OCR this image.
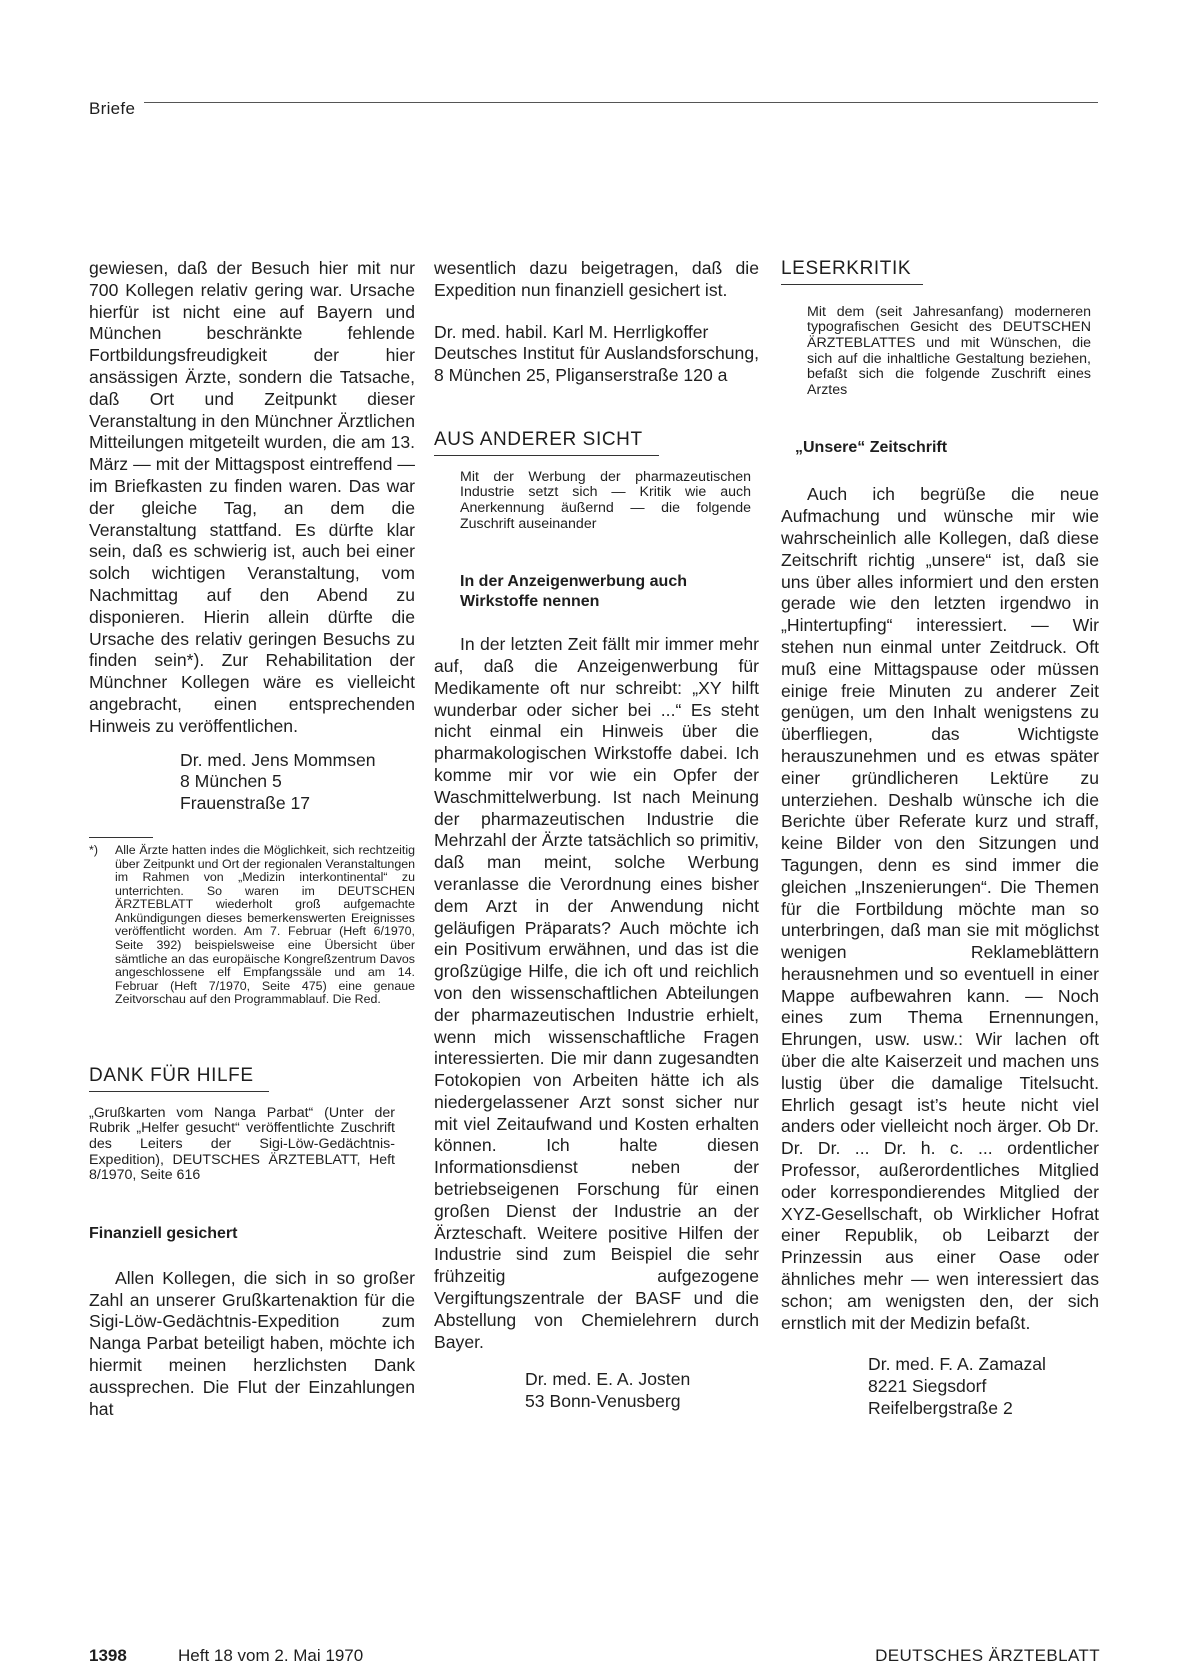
Briefe

gewiesen, daß der Besuch hier mit nur 700 Kollegen relativ gering war. Ursache hierfür ist nicht eine auf Bayern und München beschränkte fehlende Fortbildungsfreudigkeit der hier ansässigen Ärzte, sondern die Tatsache, daß Ort und Zeitpunkt dieser Veranstaltung in den Münchner Ärztlichen Mitteilungen mitgeteilt wurden, die am 13. März — mit der Mittagspost eintreffend — im Briefkasten zu finden waren. Das war der gleiche Tag, an dem die Veranstaltung stattfand. Es dürfte klar sein, daß es schwierig ist, auch bei einer solch wichtigen Veranstaltung, vom Nachmittag auf den Abend zu disponieren. Hierin allein dürfte die Ursache des relativ geringen Besuchs zu finden sein*). Zur Rehabilitation der Münchner Kollegen wäre es vielleicht angebracht, einen entsprechenden Hinweis zu veröffentlichen.

Dr. med. Jens Mommsen
8 München 5
Frauenstraße 17
*)	Alle Ärzte hatten indes die Möglichkeit, sich rechtzeitig über Zeitpunkt und Ort der regionalen Veranstaltungen im Rahmen von „Medizin interkontinental“ zu unterrichten. So waren im DEUTSCHEN ÄRZTEBLATT wiederholt groß aufgemachte Ankündigungen dieses bemerkenswerten Ereignisses veröffentlicht worden. Am 7. Februar (Heft 6/1970, Seite 392) beispielsweise eine Übersicht über sämtliche an das europäische Kongreßzentrum Davos angeschlossene elf Empfangssäle und am 14. Februar (Heft 7/1970, Seite 475) eine genaue Zeitvorschau auf den Programmablauf. Die Red.
DANK FÜR HILFE

„Grußkarten vom Nanga Parbat“ (Unter der Rubrik „Helfer gesucht“ veröffentlichte Zuschrift des Leiters der Sigi-Löw-Gedächtnis-Expedition), DEUTSCHES ÄRZTEBLATT, Heft 8/1970, Seite 616

Finanziell gesichert

Allen Kollegen, die sich in so großer Zahl an unserer Grußkartenaktion für die Sigi-Löw-Gedächtnis-Expedition zum Nanga Parbat beteiligt haben, möchte ich hiermit meinen herzlichsten Dank aussprechen. Die Flut der Einzahlungen hat

wesentlich dazu beigetragen, daß die Expedition nun finanziell gesichert ist.

Dr. med. habil. Karl M. Herrligkoffer
Deutsches Institut für Auslandsforschung, 8 München 25, Pliganserstraße 120 a
AUS ANDERER SICHT

Mit der Werbung der pharmazeutischen Industrie setzt sich — Kritik wie auch Anerkennung äußernd — die folgende Zuschrift auseinander

In der Anzeigenwerbung auch Wirkstoffe nennen

In der letzten Zeit fällt mir immer mehr auf, daß die Anzeigenwerbung für Medikamente oft nur schreibt: „XY hilft wunderbar oder sicher bei ...“ Es steht nicht einmal ein Hinweis über die pharmakologischen Wirkstoffe dabei. Ich komme mir vor wie ein Opfer der Waschmittelwerbung. Ist nach Meinung der pharmazeutischen Industrie die Mehrzahl der Ärzte tatsächlich so primitiv, daß man meint, solche Werbung veranlasse die Verordnung eines bisher dem Arzt in der Anwendung nicht geläufigen Präparats? Auch möchte ich ein Positivum erwähnen, und das ist die großzügige Hilfe, die ich oft und reichlich von den wissenschaftlichen Abteilungen der pharmazeutischen Industrie erhielt, wenn mich wissenschaftliche Fragen interessierten. Die mir dann zugesandten Fotokopien von Arbeiten hätte ich als niedergelassener Arzt sonst sicher nur mit viel Zeitaufwand und Kosten erhalten können. Ich halte diesen Informationsdienst neben der betriebseigenen Forschung für einen großen Dienst der Industrie an der Ärzteschaft. Weitere positive Hilfen der Industrie sind zum Beispiel die sehr frühzeitig aufgezogene Vergiftungszentrale der BASF und die Abstellung von Chemielehrern durch Bayer.

Dr. med. E. A. Josten
53 Bonn-Venusberg
LESERKRITIK

Mit dem (seit Jahresanfang) moderneren typografischen Gesicht des DEUTSCHEN ÄRZTEBLATTES und mit Wünschen, die sich auf die inhaltliche Gestaltung beziehen, befaßt sich die folgende Zuschrift eines Arztes

„Unsere“ Zeitschrift

Auch ich begrüße die neue Aufmachung und wünsche mir wie wahrscheinlich alle Kollegen, daß diese Zeitschrift richtig „unsere“ ist, daß sie uns über alles informiert und den ersten gerade wie den letzten irgendwo in „Hintertupfing“ interessiert. — Wir stehen nun einmal unter Zeitdruck. Oft muß eine Mittagspause oder müssen einige freie Minuten zu anderer Zeit genügen, um den Inhalt wenigstens zu überfliegen, das Wichtigste herauszunehmen und es etwas später einer gründlicheren Lektüre zu unterziehen. Deshalb wünsche ich die Berichte über Referate kurz und straff, keine Bilder von den Sitzungen und Tagungen, denn es sind immer die gleichen „Inszenierungen“. Die Themen für die Fortbildung möchte man so unterbringen, daß man sie mit möglichst wenigen Reklameblättern herausnehmen und so eventuell in einer Mappe aufbewahren kann. — Noch eines zum Thema Ernennungen, Ehrungen, usw. usw.: Wir lachen oft über die alte Kaiserzeit und machen uns lustig über die damalige Titelsucht. Ehrlich gesagt ist’s heute nicht viel anders oder vielleicht noch ärger. Ob Dr. Dr. Dr. ... Dr. h. c. ... ordentlicher Professor, außerordentliches Mitglied oder korrespondierendes Mitglied der XYZ-Gesellschaft, ob Wirklicher Hofrat einer Republik, ob Leibarzt der Prinzessin aus einer Oase oder ähnliches mehr — wen interessiert das schon; am wenigsten den, der sich ernstlich mit der Medizin befaßt.

Dr. med. F. A. Zamazal
8221 Siegsdorf
Reifelbergstraße 2
1398	Heft 18 vom 2. Mai 1970	DEUTSCHES ÄRZTEBLATT
